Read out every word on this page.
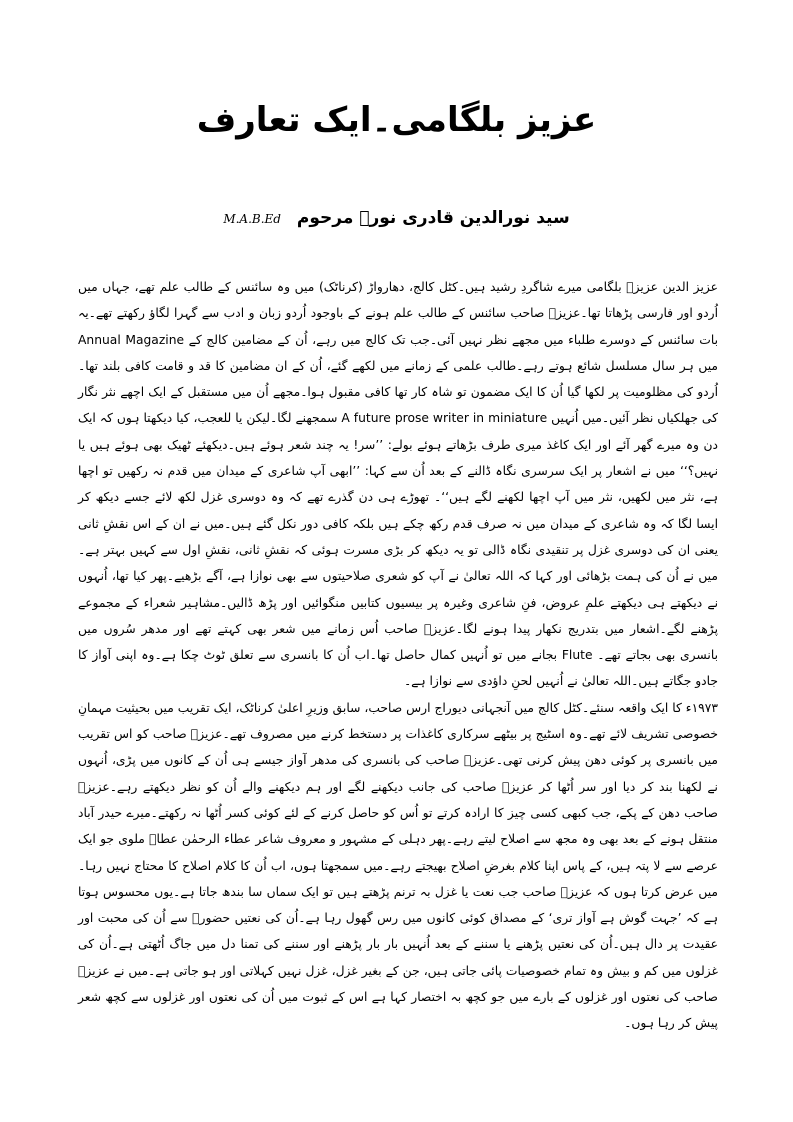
عزیز بلگامی۔ایک تعارف
سید نورالدین قادری نورؔ مرحوم M.A.B.Ed

عزیز الدین عزیزؔ بلگامی میرے شاگردِ رشید ہیں۔کٹل کالج، دھارواڑ (کرناٹک) میں وہ سائنس کے طالب علم تھے، جہاں میں اُردو اور فارسی پڑھاتا تھا۔عزیزؔ صاحب سائنس کے طالب علم ہونے کے باوجود اُردو زبان و ادب سے گہرا لگاؤ رکھتے تھے۔یہ بات سائنس کے دوسرے طلباء میں مجھے نظر نہیں آئی۔جب تک کالج میں رہے، اُن کے مضامین کالج کے Annual Magazine میں ہر سال مسلسل شائع ہوتے رہے۔طالب علمی کے زمانے میں لکھے گئے، اُن کے ان مضامین کا قد و قامت کافی بلند تھا۔اُردو کی مظلومیت پر لکھا گیا اُن کا ایک مضمون تو شاہ کار تھا کافی مقبول ہوا۔مجھے اُن میں مستقبل کے ایک اچھے نثر نگار کی جھلکیاں نظر آئیں۔میں اُنہیں A future prose writer in miniature سمجھنے لگا۔لیکن یا للعجب، کیا دیکھتا ہوں کہ ایک دن وہ میرے گھر آئے اور ایک کاغذ میری طرف بڑھاتے ہوئے بولے: ’’سر! یہ چند شعر ہوئے ہیں۔دیکھئے ٹھیک بھی ہوئے ہیں یا نہیں؟‘‘ میں نے اشعار پر ایک سرسری نگاہ ڈالنے کے بعد اُن سے کہا: ’’ابھی آپ شاعری کے میدان میں قدم نہ رکھیں تو اچھا ہے، نثر میں لکھیں، نثر میں آپ اچھا لکھنے لگے ہیں‘‘۔ تھوڑے ہی دن گذرے تھے کہ وہ دوسری غزل لکھ لائے جسے دیکھ کر ایسا لگا کہ وہ شاعری کے میدان میں نہ صرف قدم رکھ چکے ہیں بلکہ کافی دور نکل گئے ہیں۔میں نے ان کے اس نقشِ ثانی یعنی ان کی دوسری غزل پر تنقیدی نگاہ ڈالی تو یہ دیکھ کر بڑی مسرت ہوئی کہ نقشِ ثانی، نقشِ اول سے کہیں بہتر ہے۔میں نے اُن کی ہمت بڑھائی اور کہا کہ اللہ تعالیٰ نے آپ کو شعری صلاحیتوں سے بھی نوازا ہے، آگے بڑھیے۔پھر کیا تھا، اُنہوں نے دیکھتے ہی دیکھتے علمِ عروض، فنِ شاعری وغیرہ پر بیسیوں کتابیں منگوائیں اور پڑھ ڈالیں۔مشاہیر شعراء کے مجموعے پڑھنے لگے۔اشعار میں بتدریج نکھار پیدا ہونے لگا۔عزیزؔ صاحب اُس زمانے میں شعر بھی کہتے تھے اور مدھر سُروں میں بانسری بھی بجاتے تھے۔ Flute بجانے میں تو اُنہیں کمال حاصل تھا۔اب اُن کا بانسری سے تعلق ٹوٹ چکا ہے۔وہ اپنی آواز کا جادو جگاتے ہیں۔اللہ تعالیٰ نے اُنہیں لحنِ داؤدی سے نوازا ہے۔

۱۹۷۳ء کا ایک واقعہ سنئے۔کٹل کالج میں آنجہانی دیوراج ارس صاحب، سابق وزیرِ اعلیٰ کرناٹک، ایک تقریب میں بحیثیت مہمانِ خصوصی تشریف لائے تھے۔وہ اسٹیج پر بیٹھے سرکاری کاغذات پر دستخط کرنے میں مصروف تھے۔عزیزؔ صاحب کو اس تقریب میں بانسری پر کوئی دھن پیش کرنی تھی۔عزیزؔ صاحب کی بانسری کی مدھر آواز جیسے ہی اُن کے کانوں میں پڑی، اُنہوں نے لکھنا بند کر دیا اور سر اُٹھا کر عزیزؔ صاحب کی جانب دیکھنے لگے اور ہم دیکھنے والے اُن کو نظر دیکھتے رہے۔عزیزؔ صاحب دھن کے پکے، جب کبھی کسی چیز کا ارادہ کرتے تو اُس کو حاصل کرنے کے لئے کوئی کسر اُٹھا نہ رکھتے۔میرے حیدر آباد منتقل ہونے کے بعد بھی وہ مجھ سے اصلاح لیتے رہے۔پھر دہلی کے مشہور و معروف شاعر عطاء الرحمٰن عطاؔ ملوی جو ایک عرصے سے لا پتہ ہیں، کے پاس اپنا کلام بغرضِ اصلاح بھیجتے رہے۔میں سمجھتا ہوں، اب اُن کا کلام اصلاح کا محتاج نہیں رہا۔میں عرض کرتا ہوں کہ عزیزؔ صاحب جب نعت یا غزل بہ ترنم پڑھتے ہیں تو ایک سماں سا بندھ جاتا ہے۔یوں محسوس ہوتا ہے کہ ’جہت گوش ہے آواز تری‘ کے مصداق کوئی کانوں میں رس گھول رہا ہے۔اُن کی نعتیں حضورؐ سے اُن کی محبت اور عقیدت پر دال ہیں۔اُن کی نعتیں پڑھنے یا سننے کے بعد اُنہیں بار بار پڑھنے اور سننے کی تمنا دل میں جاگ اُٹھتی ہے۔اُن کی غزلوں میں کم و بیش وہ تمام خصوصیات پائی جاتی ہیں، جن کے بغیر غزل، غزل نہیں کہلاتی اور ہو جاتی ہے۔میں نے عزیزؔ صاحب کی نعتوں اور غزلوں کے بارے میں جو کچھ بہ اختصار کہا ہے اس کے ثبوت میں اُن کی نعتوں اور غزلوں سے کچھ شعر پیش کر رہا ہوں۔
